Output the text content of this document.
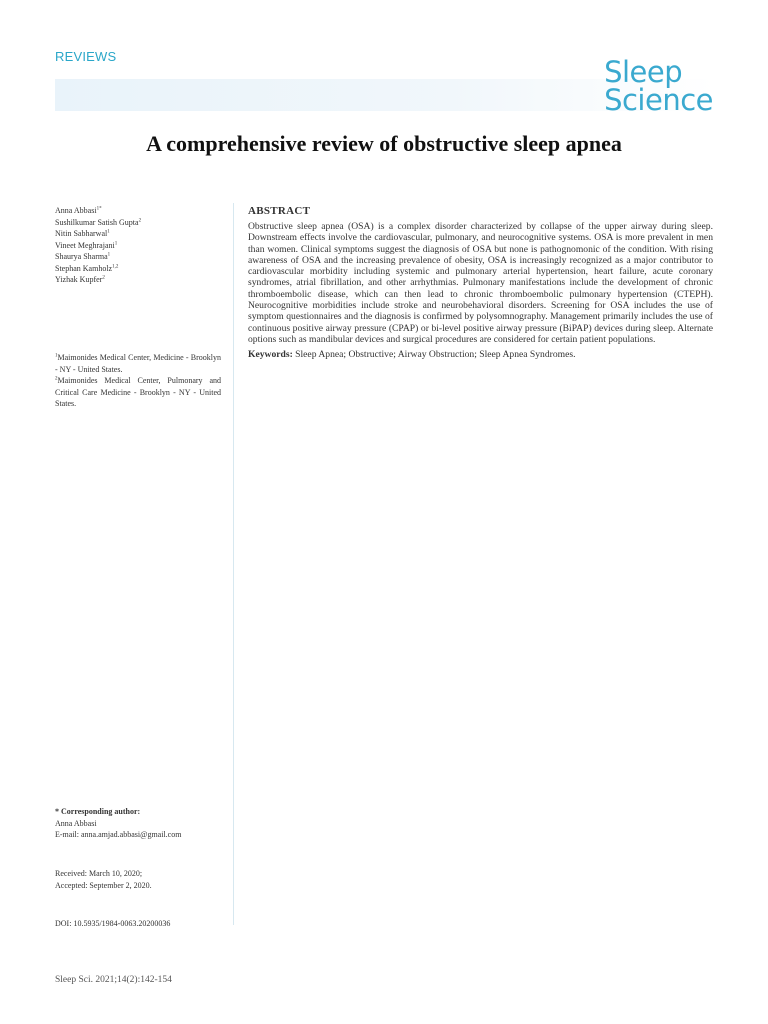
REVIEWS	Sleep
Science
A comprehensive review of obstructive sleep apnea
Anna Abbasi$^{1*}$
Sushilkumar Satish Gupta$^2$
Nitin Sabharwal$^1$
Vineet Meghrajani$^1$
Shaurya Sharma$^1$
Stephan Kamholz$^{1,2}$
Yizhak Kupfer$^2$

$^1$Maimonides Medical Center, Medicine - Brooklyn - NY - United States.

$^2$Maimonides Medical Center, Pulmonary and Critical Care Medicine - Brooklyn - NY - United States.

* Corresponding author:
Anna Abbasi
E-mail: anna.amjad.abbasi@gmail.com
Received: March 10, 2020;
Accepted: September 2, 2020.
DOI: 10.5935/1984-0063.20200036
ABSTRACT

Obstructive sleep apnea (OSA) is a complex disorder characterized by collapse of the upper airway during sleep. Downstream effects involve the cardiovascular, pulmonary, and neurocognitive systems. OSA is more prevalent in men than women. Clinical symptoms suggest the diagnosis of OSA but none is pathognomonic of the condition. With rising awareness of OSA and the increasing prevalence of obesity, OSA is increasingly recognized as a major contributor to cardiovascular morbidity including systemic and pulmonary arterial hypertension, heart failure, acute coronary syndromes, atrial fibrillation, and other arrhythmias. Pulmonary manifestations include the development of chronic thromboembolic disease, which can then lead to chronic thromboembolic pulmonary hypertension (CTEPH). Neurocognitive morbidities include stroke and neurobehavioral disorders. Screening for OSA includes the use of symptom questionnaires and the diagnosis is confirmed by polysomnography. Management primarily includes the use of continuous positive airway pressure (CPAP) or bi-level positive airway pressure (BiPAP) devices during sleep. Alternate options such as mandibular devices and surgical procedures are considered for certain patient populations.

Keywords: Sleep Apnea; Obstructive; Airway Obstruction; Sleep Apnea Syndromes.

Sleep Sci. 2021;14(2):142-154
